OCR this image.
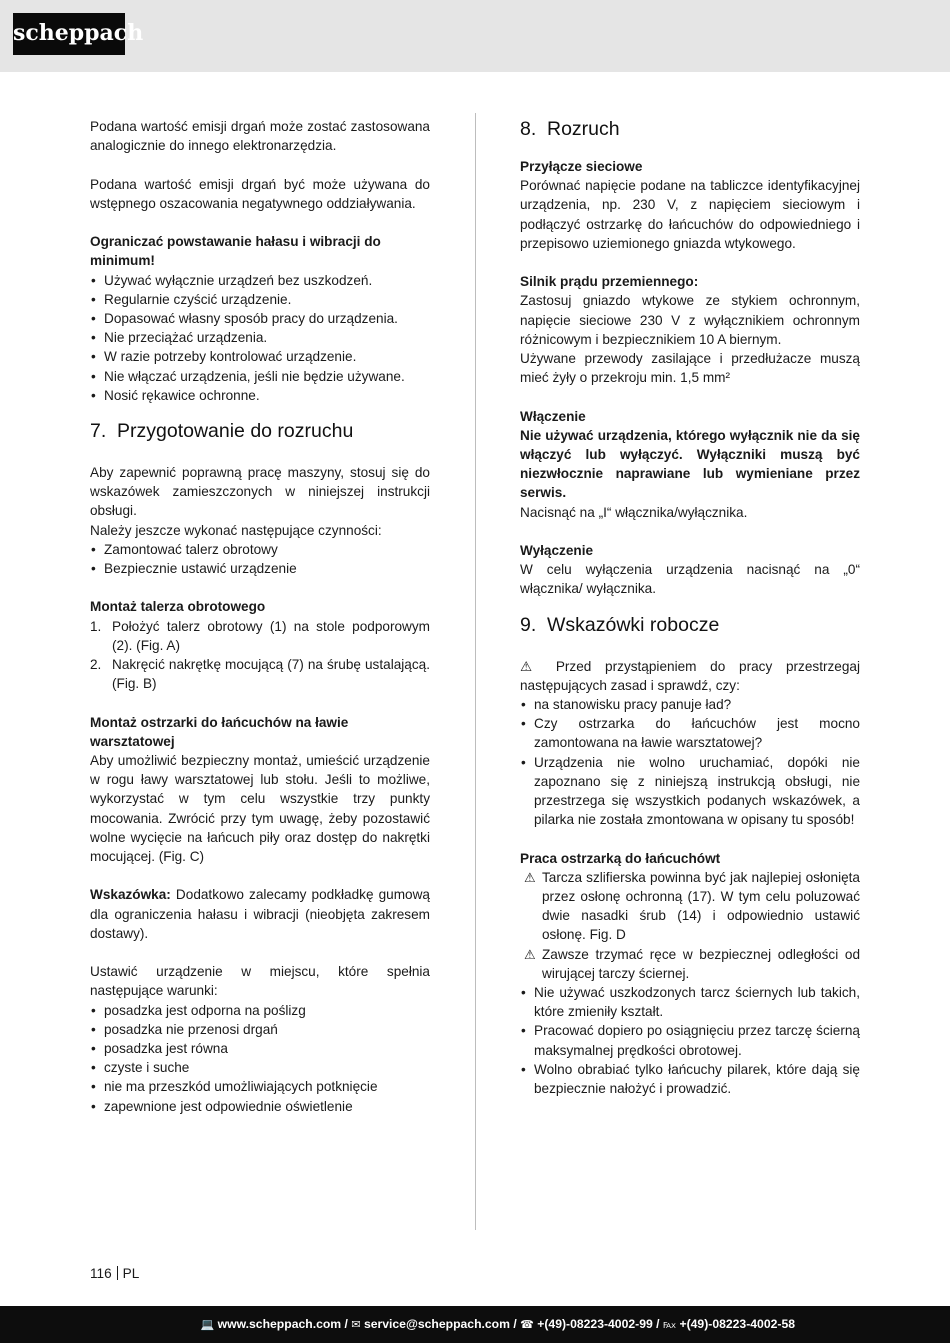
scheppach

Podana wartość emisji drgań może zostać zastosowana analogicznie do innego elektronarzędzia.

Podana wartość emisji drgań być może używana do wstępnego oszacowania negatywnego oddziaływania.

Ograniczać powstawanie hałasu i wibracji do minimum!

• Używać wyłącznie urządzeń bez uszkodzeń.
• Regularnie czyścić urządzenie.
• Dopasować własny sposób pracy do urządzenia.
• Nie przeciążać urządzenia.
• W razie potrzeby kontrolować urządzenie.
• Nie włączać urządzenia, jeśli nie będzie używane.
• Nosić rękawice ochronne.
7. Przygotowanie do rozruchu

Aby zapewnić poprawną pracę maszyny, stosuj się do wskazówek zamieszczonych w niniejszej instrukcji obsługi.

Należy jeszcze wykonać następujące czynności:

• Zamontować talerz obrotowy
• Bezpiecznie ustawić urządzenie

Montaż talerza obrotowego

1. Położyć talerz obrotowy (1) na stole podporowym (2). (Fig. A)
2. Nakręcić nakrętkę mocującą (7) na śrubę ustalającą. (Fig. B)

Montaż ostrzarki do łańcuchów na ławie warsztatowej

Aby umożliwić bezpieczny montaż, umieścić urządzenie w rogu ławy warsztatowej lub stołu. Jeśli to możliwe, wykorzystać w tym celu wszystkie trzy punkty mocowania. Zwrócić przy tym uwagę, żeby pozostawić wolne wycięcie na łańcuch piły oraz dostęp do nakrętki mocującej. (Fig. C)

Wskazówka: Dodatkowo zalecamy podkładkę gumową dla ograniczenia hałasu i wibracji (nieobjęta zakresem dostawy).

Ustawić urządzenie w miejscu, które spełnia następujące warunki:

• posadzka jest odporna na poślizg
• posadzka nie przenosi drgań
• posadzka jest równa
• czyste i suche
• nie ma przeszkód umożliwiających potknięcie
• zapewnione jest odpowiednie oświetlenie
8. Rozruch

Przyłącze sieciowe

Porównać napięcie podane na tabliczce identyfikacyjnej urządzenia, np. 230 V, z napięciem sieciowym i podłączyć ostrzarkę do łańcuchów do odpowiedniego i przepisowo uziemionego gniazda wtykowego.

Silnik prądu przemiennego:

Zastosuj gniazdo wtykowe ze stykiem ochronnym, napięcie sieciowe 230 V z wyłącznikiem ochronnym różnicowym i bezpiecznikiem 10 A biernym.

Używane przewody zasilające i przedłużacze muszą mieć żyły o przekroju min. 1,5 mm²

Włączenie

Nie używać urządzenia, którego wyłącznik nie da się włączyć lub wyłączyć. Wyłączniki muszą być niezwłocznie naprawiane lub wymieniane przez serwis.

Nacisnąć na „I“ włącznika/wyłącznika.

Wyłączenie

W celu wyłączenia urządzenia nacisnąć na „0“ włącznika/ wyłącznika.

9. Wskazówki robocze

⚠ Przed przystąpieniem do pracy przestrzegaj następujących zasad i sprawdź, czy:

• na stanowisku pracy panuje ład?
• Czy ostrzarka do łańcuchów jest mocno zamontowana na ławie warsztatowej?
• Urządzenia nie wolno uruchamiać, dopóki nie zapoznano się z niniejszą instrukcją obsługi, nie przestrzega się wszystkich podanych wskazówek, a pilarka nie została zmontowana w opisany tu sposób!

Praca ostrzarką do łańcuchówt

⚠ Tarcza szlifierska powinna być jak najlepiej osłonięta przez osłonę ochronną (17). W tym celu poluzować dwie nasadki śrub (14) i odpowiednio ustawić osłonę. Fig. D
⚠ Zawsze trzymać ręce w bezpiecznej odległości od wirującej tarczy ściernej.
• Nie używać uszkodzonych tarcz ściernych lub takich, które zmieniły kształt.
• Pracować dopiero po osiągnięciu przez tarczę ścierną maksymalnej prędkości obrotowej.
• Wolno obrabiać tylko łańcuchy pilarek, które dają się bezpiecznie nałożyć i prowadzić.
116 PL
💻 www.scheppach.com / ✉ service@scheppach.com / ☎ +(49)-08223-4002-99 / ℻ +(49)-08223-4002-58
